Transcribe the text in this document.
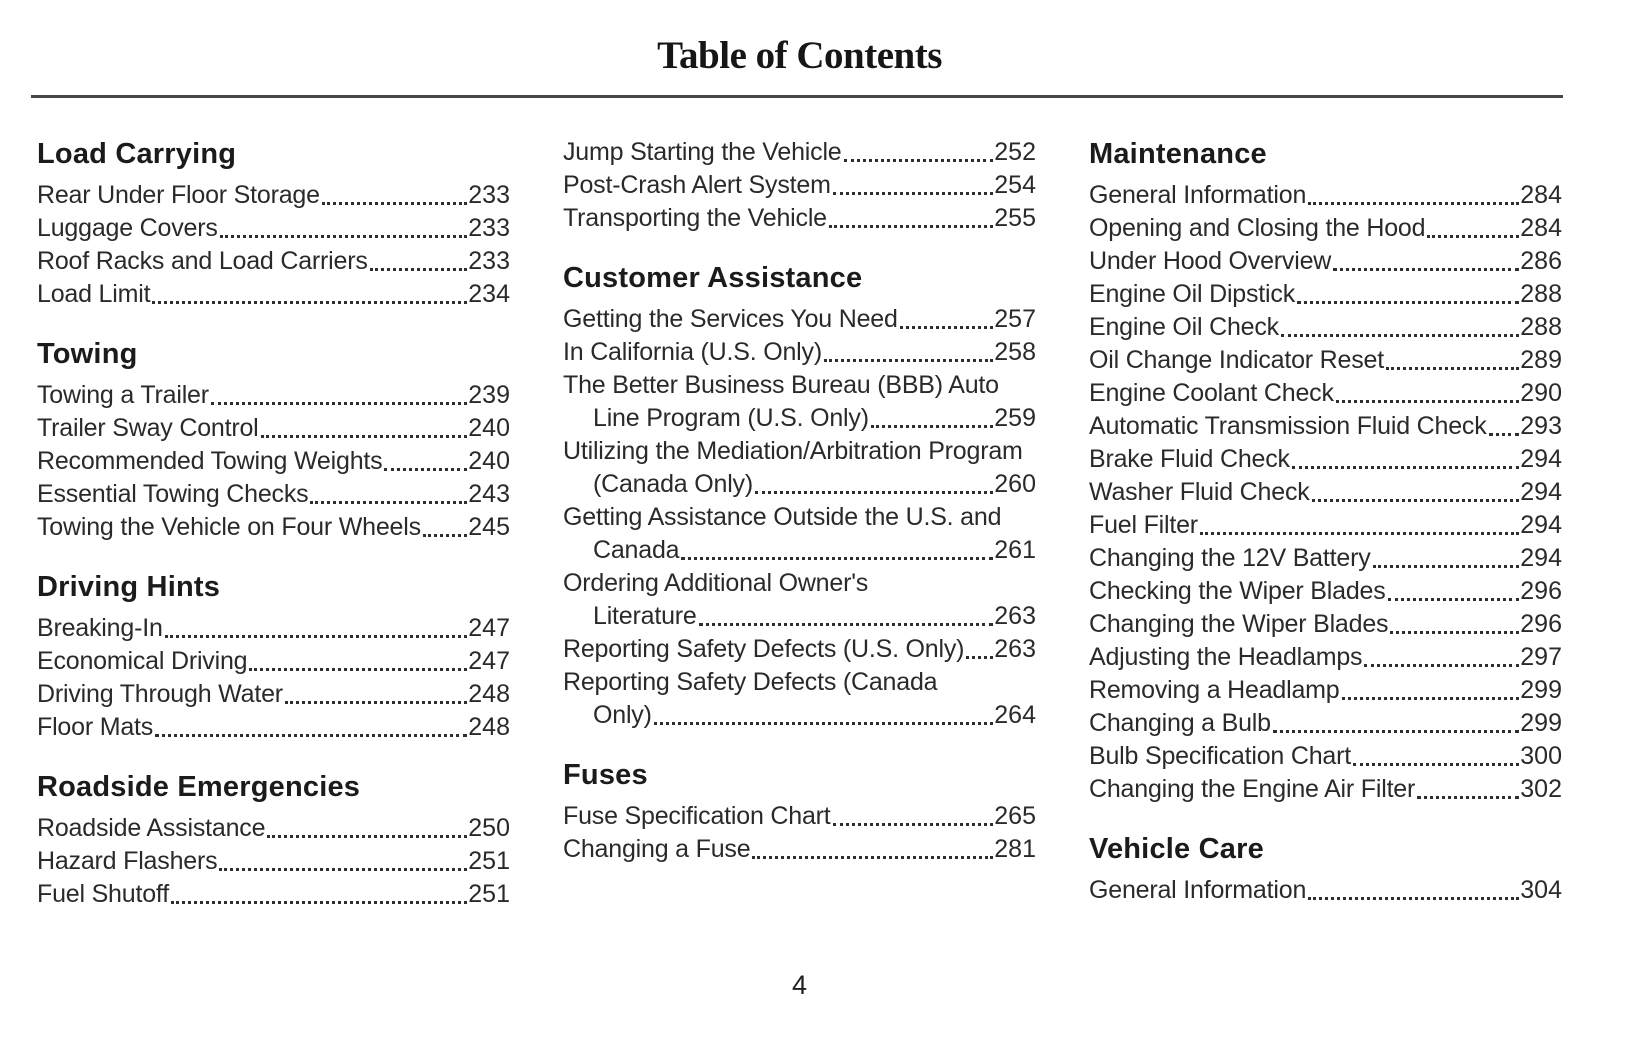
Table of Contents
Load Carrying
Rear Under Floor Storage	233
Luggage Covers	233
Roof Racks and Load Carriers	233
Load Limit	234
Towing
Towing a Trailer	239
Trailer Sway Control	240
Recommended Towing Weights	240
Essential Towing Checks	243
Towing the Vehicle on Four Wheels 245
Driving Hints
Breaking-In	247
Economical Driving	247
Driving Through Water	248
Floor Mats	248
Roadside Emergencies
Roadside Assistance	250
Hazard Flashers	251
Fuel Shutoff	251
Jump Starting the Vehicle	252
Post-Crash Alert System	254
Transporting the Vehicle	255
Customer Assistance
Getting the Services You Need	257
In California (U.S. Only)	258
The Better Business Bureau (BBB) Auto
Line Program (U.S. Only)	259
Utilizing the Mediation/Arbitration Program
(Canada Only)	260
Getting Assistance Outside the U.S. and
Canada	261
Ordering Additional Owner's
Literature	263
Reporting Safety Defects (U.S. Only) 263
Reporting Safety Defects (Canada
Only)	264
Fuses
Fuse Specification Chart	265
Changing a Fuse	281
Maintenance
General Information	284
Opening and Closing the Hood	284
Under Hood Overview	286
Engine Oil Dipstick	288
Engine Oil Check	288
Oil Change Indicator Reset	289
Engine Coolant Check	290
Automatic Transmission Fluid Check 293
Brake Fluid Check	294
Washer Fluid Check	294
Fuel Filter	294
Changing the 12V Battery	294
Checking the Wiper Blades	296
Changing the Wiper Blades	296
Adjusting the Headlamps	297
Removing a Headlamp	299
Changing a Bulb	299
Bulb Specification Chart	300
Changing the Engine Air Filter	302
Vehicle Care
General Information	304
4
